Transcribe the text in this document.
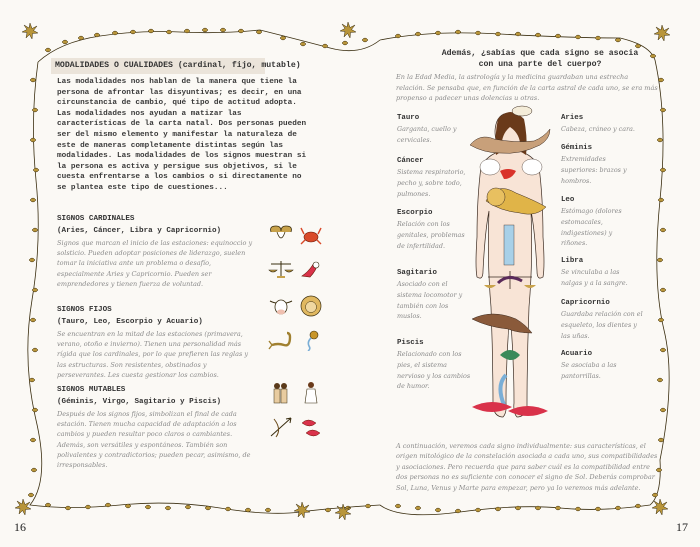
MODALIDADES O CUALIDADES (cardinal, fijo, mutable)

Las modalidades nos hablan de la manera que tiene la persona de afrontar las disyuntivas; es decir, en una circunstancia de cambio, qué tipo de actitud adopta. Las modalidades nos ayudan a matizar las características de la carta natal. Dos personas pueden ser del mismo elemento y manifestar la naturaleza de este de maneras completamente distintas según las modalidades. Las modalidades de los signos muestran si la persona es activa y persigue sus objetivos, si le cuesta enfrentarse a los cambios o si directamente no se plantea este tipo de cuestiones...

SIGNOS CARDINALES
(Aries, Cáncer, Libra y Capricornio)
Signos que marcan el inicio de las estaciones: equinoccio y solsticio. Pueden adoptar posiciones de liderazgo, suelen tomar la iniciativa ante un problema o desafío, especialmente Aries y Capricornio. Pueden ser emprendedores y tienen fuerza de voluntad.
SIGNOS FIJOS
(Tauro, Leo, Escorpio y Acuario)
Se encuentran en la mitad de las estaciones (primavera, verano, otoño e invierno). Tienen una personalidad más rígida que los cardinales, por lo que prefieren las reglas y las estructuras. Son resistentes, obstinados y perseverantes. Les cuesta gestionar los cambios.
SIGNOS MUTABLES
(Géminis, Virgo, Sagitario y Piscis)
Después de los signos fijos, simbolizan el final de cada estación. Tienen mucha capacidad de adaptación a los cambios y pueden resultar poco claros o cambiantes. Además, son versátiles y espontáneos. También son polivalentes y contradictorios; pueden pecar, asimismo, de irresponsables.
16
Además, ¿sabías que cada signo se asocia
con una parte del cuerpo?
En la Edad Media, la astrología y la medicina guardaban una estrecha relación. Se pensaba que, en función de la carta astral de cada uno, se era más propenso a padecer unas dolencias u otras.
Tauro
Garganta, cuello y cervicales.
Cáncer
Sistema respiratorio, pecho y, sobre todo, pulmones.
Escorpio
Relación con los genitales, problemas de infertilidad.
Sagitario
Asociado con el sistema locomotor y también con los muslos.
Piscis
Relacionado con los pies, el sistema nervioso y los cambios de humor.
Aries
Cabeza, cráneo y cara.
Géminis
Extremidades superiores: brazos y hombros.
Leo
Estómago (dolores estomacales, indigestiones) y riñones.
Libra
Se vinculaba a las nalgas y a la sangre.
Capricornio
Guardaba relación con el esqueleto, los dientes y las uñas.
Acuario
Se asociaba a las pantorrillas.
A continuación, veremos cada signo individualmente: sus características, el origen mitológico de la constelación asociada a cada uno, sus compatibilidades y asociaciones. Pero recuerda que para saber cuál es la compatibilidad entre dos personas no es suficiente con conocer el signo de Sol. Deberás comprobar Sol, Luna, Venus y Marte para empezar, pero ya lo veremos más adelante.
17
